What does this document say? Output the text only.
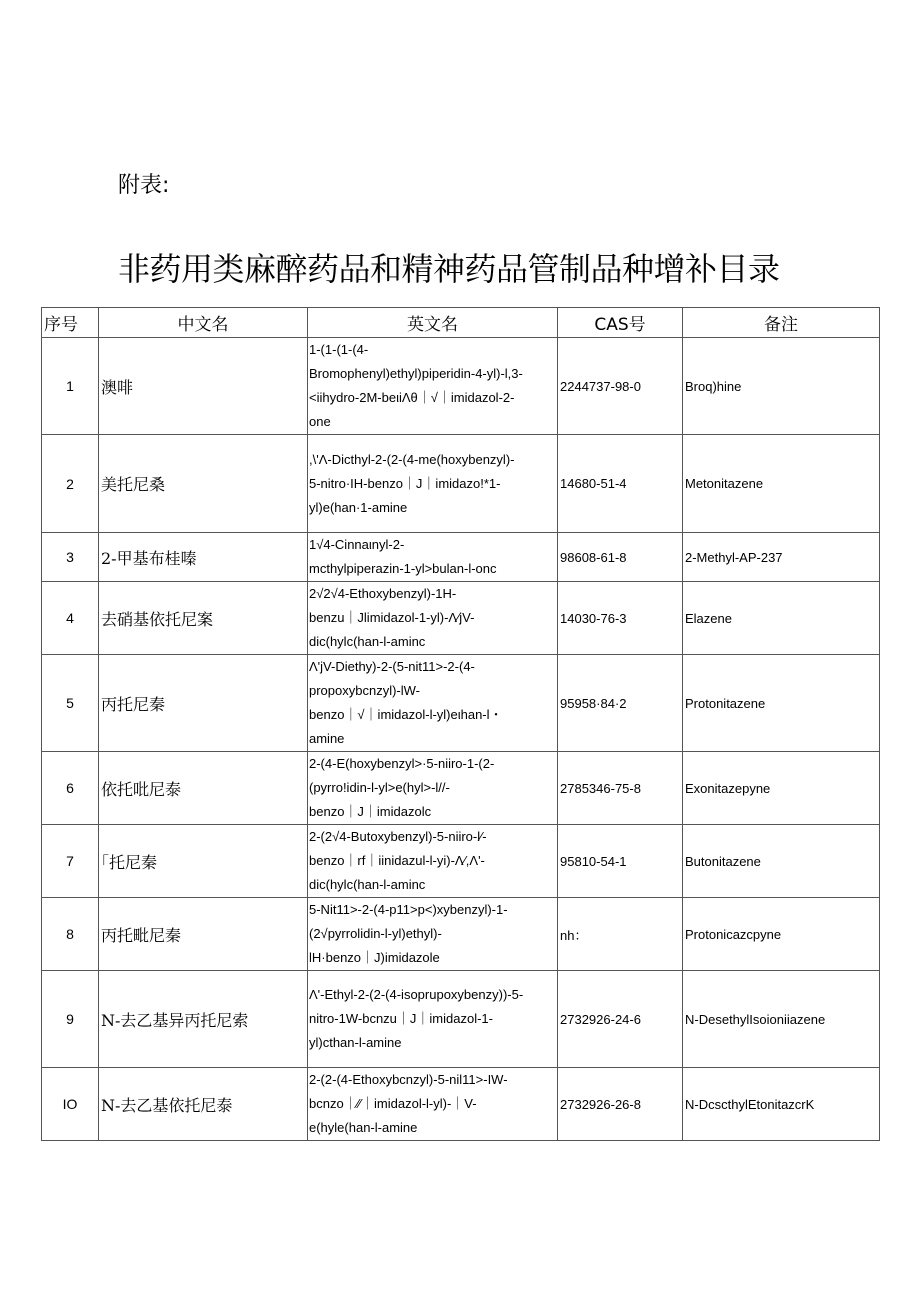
附表:
非药用类麻醉药品和精神药品管制品种增补目录
序号	中文名	英文名	CAS号	备注
1	澳啡	1-(1-(1-(4-
Bromophenyl)ethyl)piperidin-4-yl)-l,3-
<iihydro-2M-beιiΛθ｜√｜imidazol-2-
one	2244737-98-0	Broq)hine
2	美托尼桑	,\'Λ-Dicthyl-2-(2-(4-me(hoxybenzyl)-
5-nitro·IH-benzo｜J｜imidazo!*1-
yl)e(han·1-amine	14680-51-4	Metonitazene
3	2-甲基布桂嗪	1√4-Cinnaιnyl-2-
mcthylpiperazin-1-yl>bulan-l-onc	98608-61-8	2-Methyl-AP-237
4	去硝基依托尼案	2√2√4-Ethoxybenzyl)-1H-
benzu｜Jlimidazol-1-yl)-Λ∕jV-
dic(hylc(han-l-aminc	14030-76-3	Elazene
5	丙托尼秦	Λ'jV-Diethy)-2-(5-nit11>-2-(4-
propoxybcnzyl)-lW-
benzo｜√｜imidazol-l-yl)eιhan-l・
amine	95958·84·2	Protonitazene
6	依托吡尼泰	2-(4-E(hoxybenzyl>·5-niiro-1-(2-
(pyrro!idin-l-yl>e(hyl>-l//-
benzo｜J｜imidazolc	2785346-75-8	Exonitazepyne
7	｢托尼秦	2-(2√4-Butoxybenzyl)-5-niiro-l∕-
benzo｜rf｜iinidazul-l-yi)-Λ∕,Λ'-
dic(hylc(han-l-aminc	95810-54-1	Butonitazene
8	丙托毗尼秦	5-Nit11>-2-(4-p11>p<)xybenzyl)-1-
(2√pyrrolidin-l-yl)ethyl)-
lH·benzo｜J)imidazole	nh：	Protonicazcpyne
9	N-去乙基异丙托尼索	Λ'-Ethyl-2-(2-(4-isoprupoxybenzy))-5-
nitro-1W-bcnzu｜J｜imidazol-1-
yl)cthan-l-amine	2732926-24-6	N-DesethylIsoioniiazene
IO	N-去乙基依托尼泰	2-(2-(4-Ethoxybcnzyl)-5-nil11>-IW-
bcnzo｜∕∕｜imidazol-l-yl)-｜V-
e(hyle(han-l-amine	2732926-26-8	N-DcscthylEtonitazcrK
